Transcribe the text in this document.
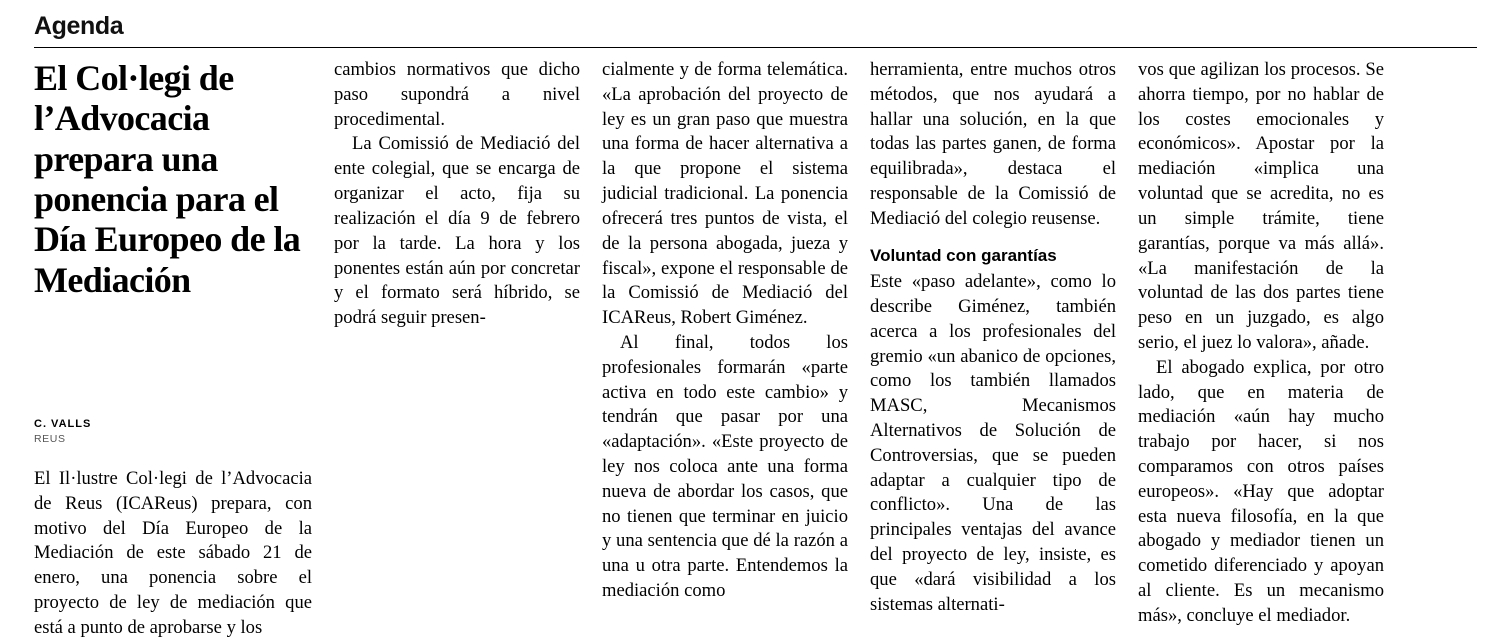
Agenda
El Col·legi de l’Advocacia prepara una ponencia para el Día Europeo de la Mediación
C. VALLS
REUS

El Il·lustre Col·legi de l’Advocacia de Reus (ICAReus) prepara, con motivo del Día Europeo de la Mediación de este sábado 21 de enero, una ponencia sobre el proyecto de ley de mediación que está a punto de aprobarse y los

cambios normativos que dicho paso supondrá a nivel procedimental.

La Comissió de Mediació del ente colegial, que se encarga de organizar el acto, fija su realización el día 9 de febrero por la tarde. La hora y los ponentes están aún por concretar y el formato será híbrido, se podrá seguir presen-

cialmente y de forma telemática. «La aprobación del proyecto de ley es un gran paso que muestra una forma de hacer alternativa a la que propone el sistema judicial tradicional. La ponencia ofrecerá tres puntos de vista, el de la persona abogada, jueza y fiscal», expone el responsable de la Comissió de Mediació del ICAReus, Robert Giménez.

Al final, todos los profesionales formarán «parte activa en todo este cambio» y tendrán que pasar por una «adaptación». «Este proyecto de ley nos coloca ante una forma nueva de abordar los casos, que no tienen que terminar en juicio y una sentencia que dé la razón a una u otra parte. Entendemos la mediación como

herramienta, entre muchos otros métodos, que nos ayudará a hallar una solución, en la que todas las partes ganen, de forma equilibrada», destaca el responsable de la Comissió de Mediació del colegio reusense.

Voluntad con garantías

Este «paso adelante», como lo describe Giménez, también acerca a los profesionales del gremio «un abanico de opciones, como los también llamados MASC, Mecanismos Alternativos de Solución de Controversias, que se pueden adaptar a cualquier tipo de conflicto». Una de las principales ventajas del avance del proyecto de ley, insiste, es que «dará visibilidad a los sistemas alternati-

vos que agilizan los procesos. Se ahorra tiempo, por no hablar de los costes emocionales y económicos». Apostar por la mediación «implica una voluntad que se acredita, no es un simple trámite, tiene garantías, porque va más allá». «La manifestación de la voluntad de las dos partes tiene peso en un juzgado, es algo serio, el juez lo valora», añade.

El abogado explica, por otro lado, que en materia de mediación «aún hay mucho trabajo por hacer, si nos comparamos con otros países europeos». «Hay que adoptar esta nueva filosofía, en la que abogado y mediador tienen un cometido diferenciado y apoyan al cliente. Es un mecanismo más», concluye el mediador.
